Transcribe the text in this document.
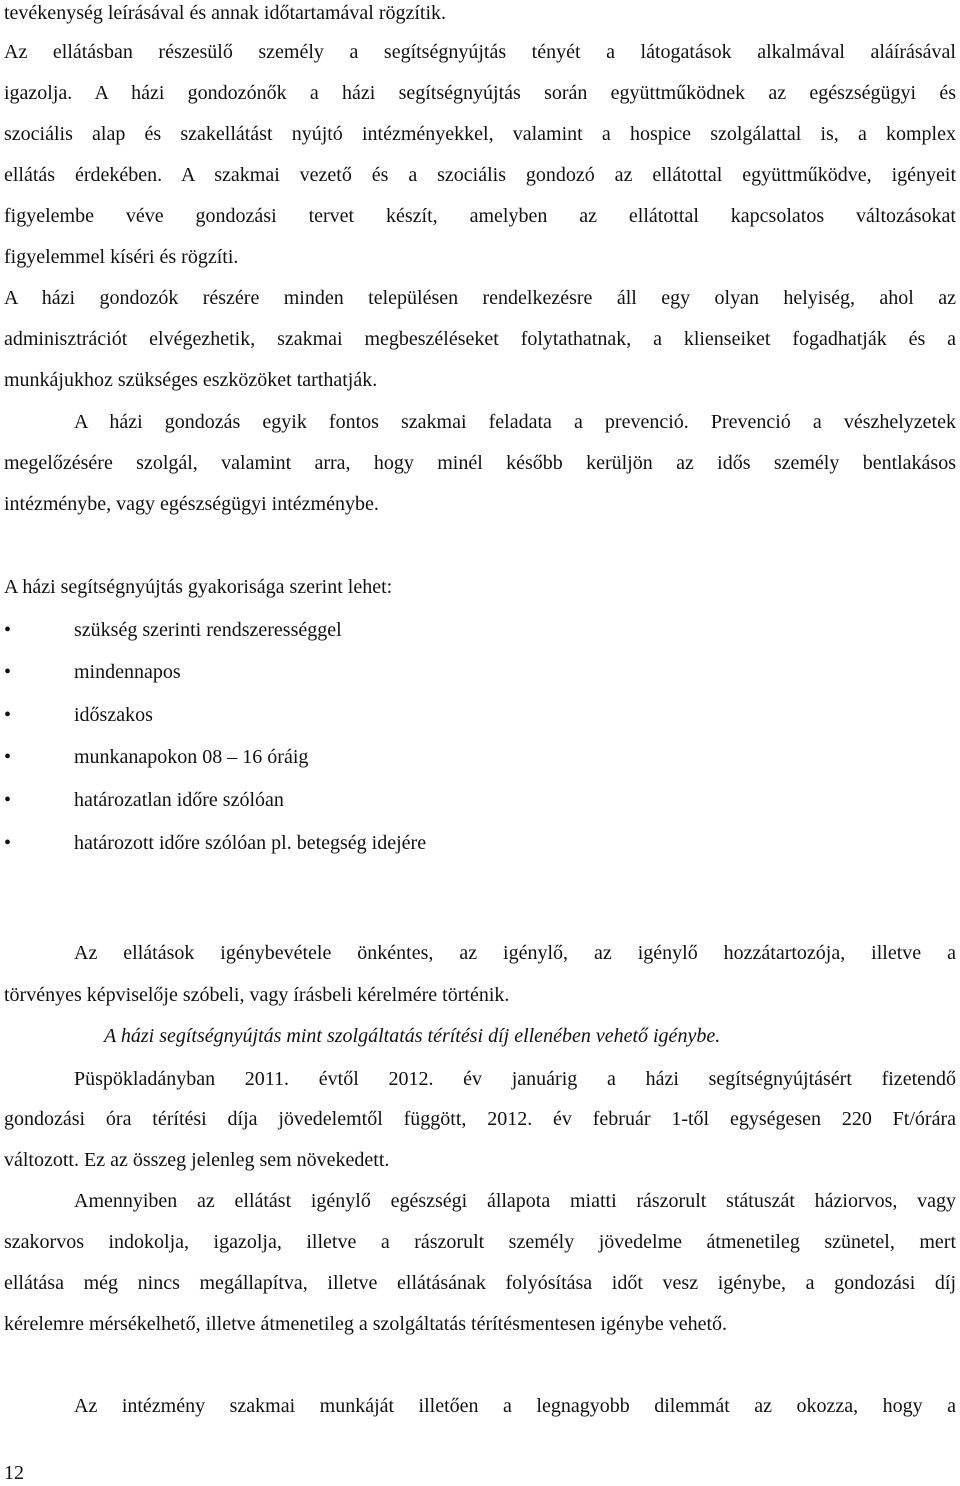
tevékenység leírásával és annak időtartamával rögzítik.
Az ellátásban részesülő személy a segítségnyújtás tényét a látogatások alkalmával aláírásával
igazolja. A házi gondozónők a házi segítségnyújtás során együttműködnek az egészségügyi és
szociális alap és szakellátást nyújtó intézményekkel, valamint a hospice szolgálattal is, a komplex
ellátás érdekében. A szakmai vezető és a szociális gondozó az ellátottal együttműködve, igényeit
figyelembe véve gondozási tervet készít, amelyben az ellátottal kapcsolatos változásokat
figyelemmel kíséri és rögzíti.
A házi gondozók részére minden településen rendelkezésre áll egy olyan helyiség, ahol az
adminisztrációt elvégezhetik, szakmai megbeszéléseket folytathatnak, a klienseiket fogadhatják és a
munkájukhoz szükséges eszközöket tarthatják.
A házi gondozás egyik fontos szakmai feladata a prevenció. Prevenció a vészhelyzetek
megelőzésére szolgál, valamint arra, hogy minél később kerüljön az idős személy bentlakásos
intézménybe, vagy egészségügyi intézménybe.
A házi segítségnyújtás gyakorisága szerint lehet:
•	szükség szerinti rendszerességgel
•	mindennapos
•	időszakos
•	munkanapokon 08 – 16 óráig
•	határozatlan időre szólóan
•	határozott időre szólóan pl. betegség idejére
Az ellátások igénybevétele önkéntes, az igénylő, az igénylő hozzátartozója, illetve a
törvényes képviselője szóbeli, vagy írásbeli kérelmére történik.
A házi segítségnyújtás mint szolgáltatás térítési díj ellenében vehető igénybe.
Püspökladányban 2011. évtől 2012. év januárig a házi segítségnyújtásért fizetendő
gondozási óra térítési díja jövedelemtől függött, 2012. év február 1-től egységesen 220 Ft/órára
változott. Ez az összeg jelenleg sem növekedett.
Amennyiben az ellátást igénylő egészségi állapota miatti rászorult státuszát háziorvos, vagy
szakorvos indokolja, igazolja, illetve a rászorult személy jövedelme átmenetileg szünetel, mert
ellátása még nincs megállapítva, illetve ellátásának folyósítása időt vesz igénybe, a gondozási díj
kérelemre mérsékelhető, illetve átmenetileg a szolgáltatás térítésmentesen igénybe vehető.
Az intézmény szakmai munkáját illetően a legnagyobb dilemmát az okozza, hogy a
12
